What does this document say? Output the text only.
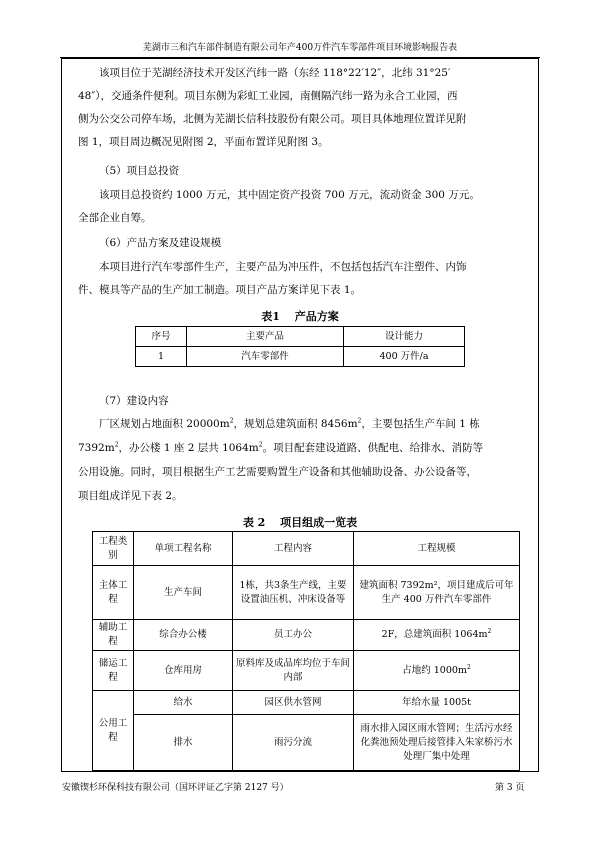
芜湖市三和汽车部件制造有限公司年产400万件汽车零部件项目环境影响报告表
该项目位于芜湖经济技术开发区汽纬一路（东经 118°22′12″，北纬 31°25′
48″），交通条件便利。项目东侧为彩虹工业园，南侧隔汽纬一路为永合工业园，西
侧为公交公司停车场，北侧为芜湖长信科技股份有限公司。项目具体地理位置详见附
图 1，项目周边概况见附图 2，平面布置详见附图 3。
（5）项目总投资
该项目总投资约 1000 万元，其中固定资产投资 700 万元，流动资金 300 万元。
全部企业自筹。
（6）产品方案及建设规模
本项目进行汽车零部件生产，主要产品为冲压件，不包括包括汽车注塑件、内饰
件、模具等产品的生产加工制造。项目产品方案详见下表 1。
表1　 产品方案
序号	主要产品	设计能力
1	汽车零部件	400 万件/a
（7）建设内容
厂区规划占地面积 $20000m^2$，规划总建筑面积 $8456m^2$，主要包括生产车间 1 栋
$7392m^2$，办公楼 1 座 2 层共 $1064m^2$。项目配套建设道路、供配电、给排水、消防等
公用设施。同时，项目根据生产工艺需要购置生产设备和其他辅助设备、办公设备等，
项目组成详见下表 2。
表 2　 项目组成一览表
工程类别	单项工程名称	工程内容	工程规模
主体工程	生产车间	1栋，共3条生产线，主要设置油压机、冲床设备等	建筑面积 7392m²，项目建成后可年生产 400 万件汽车零部件
辅助工程	综合办公楼	员工办公	2F，总建筑面积 $1064m^2$
储运工程	仓库用房	原料库及成品库均位于车间内部	占地约 $1000m^2$
公用工程	给水	园区供水管网	年给水量 1005t
	排水	雨污分流	雨水排入园区雨水管网；生活污水经化粪池预处理后接管排入朱家桥污水处理厂集中处理
安徽锲杉环保科技有限公司（国环评证乙字第 2127 号）	第 3 页
